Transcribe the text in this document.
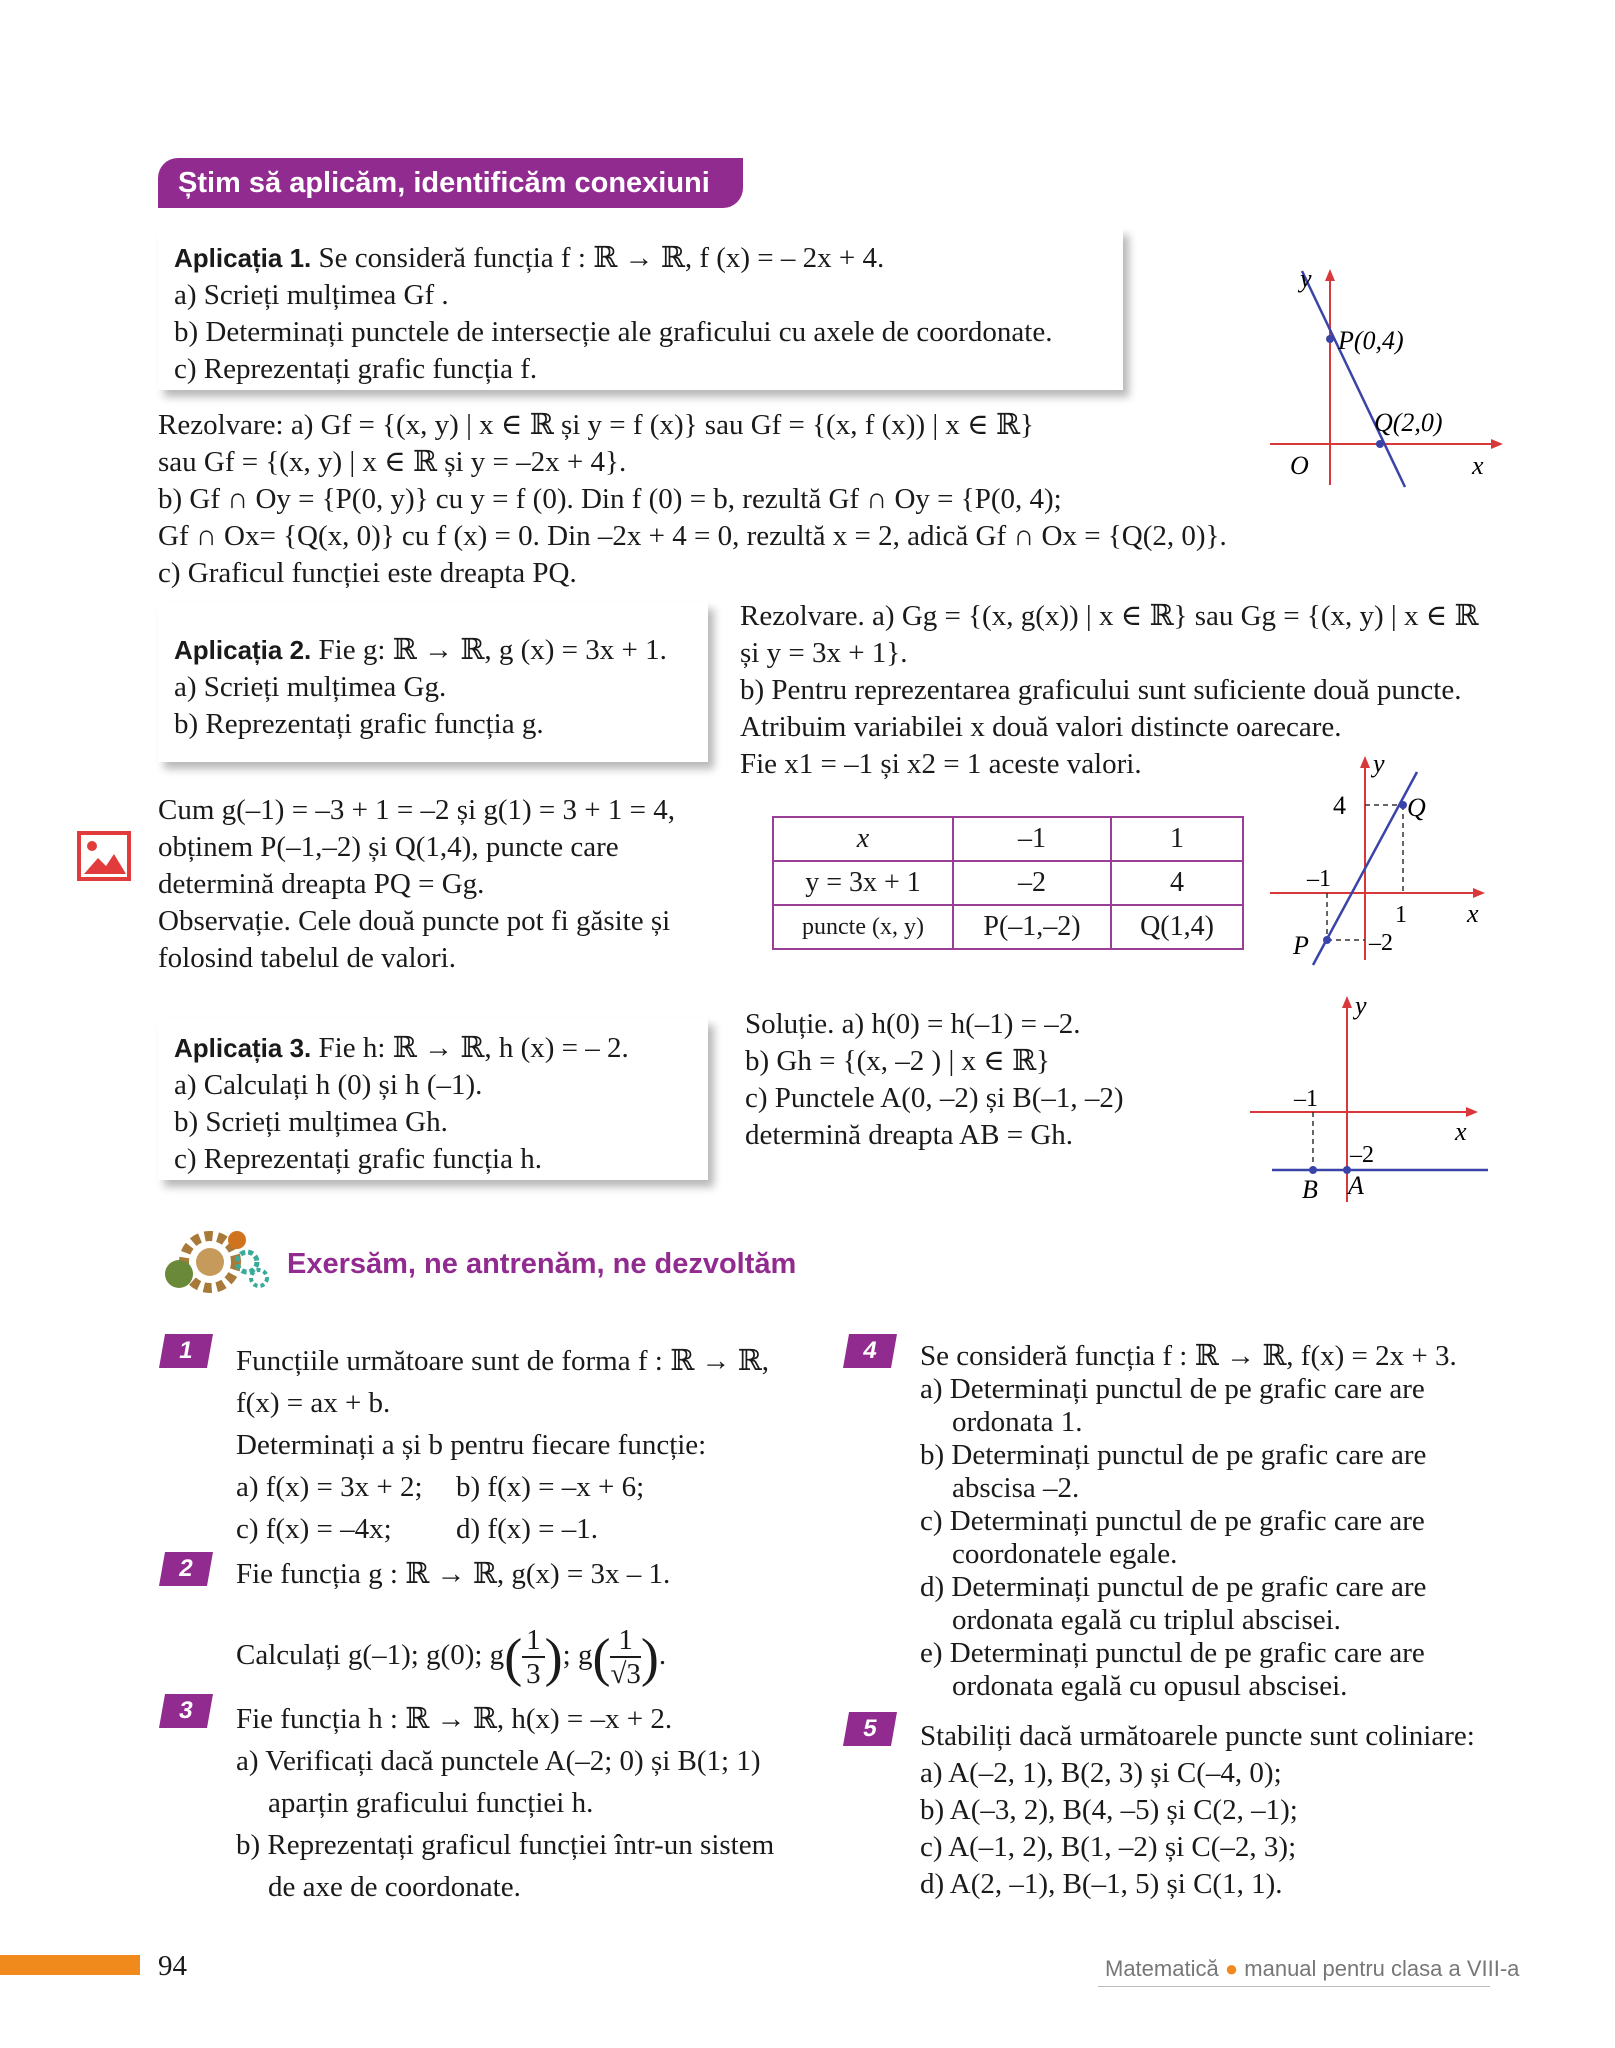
Știm să aplicăm, identificăm conexiuni
Aplicația 1. Se consideră funcția f : ℝ → ℝ, f (x) = – 2x + 4.
a) Scrieți mulțimea Gf .
b) Determinați punctele de intersecție ale graficului cu axele de coordonate.
c) Reprezentați grafic funcția f.
y
x
O
P(0,4)
Q(2,0)
Rezolvare: a) Gf = {(x, y) | x ∈ ℝ și y = f (x)} sau Gf = {(x, f (x)) | x ∈ ℝ}
sau Gf = {(x, y) | x ∈ ℝ și y = –2x + 4}.
b) Gf ∩ Oy = {P(0, y)} cu y = f (0). Din f (0) = b, rezultă Gf ∩ Oy = {P(0, 4);
Gf ∩ Ox= {Q(x, 0)} cu f (x) = 0. Din –2x + 4 = 0, rezultă x = 2, adică Gf ∩ Ox = {Q(2, 0)}.
c) Graficul funcției este dreapta PQ.
Aplicația 2. Fie g: ℝ → ℝ, g (x) = 3x + 1.
a) Scrieți mulțimea Gg.
b) Reprezentați grafic funcția g.
Rezolvare. a) Gg = {(x, g(x)) | x ∈ ℝ} sau Gg = {(x, y) | x ∈ ℝ
și y = 3x + 1}.
b) Pentru reprezentarea graficului sunt suficiente două puncte.
Atribuim variabilei x două valori distincte oarecare.
Fie x1 = –1 și x2 = 1 aceste valori.
Cum g(–1) = –3 + 1 = –2 și g(1) = 3 + 1 = 4,
obținem P(–1,–2) și Q(1,4), puncte care
determină dreapta PQ = Gg.
Observație. Cele două puncte pot fi găsite și
folosind tabelul de valori.
x	–1	1
y = 3x + 1	–2	4
puncte (x, y)	P(–1,–2)	Q(1,4)
y
x
4
–1
1
–2
P
Q
Aplicația 3. Fie h: ℝ → ℝ, h (x) = – 2.
a) Calculați h (0) și h (–1).
b) Scrieți mulțimea Gh.
c) Reprezentați grafic funcția h.
Soluție. a) h(0) = h(–1) = –2.
b) Gh = {(x, –2 ) | x ∈ ℝ}
c) Punctele A(0, –2) și B(–1, –2)
determină dreapta AB = Gh.
y
x
–1
–2
B A
Exersăm, ne antrenăm, ne dezvoltăm
1	Funcțiile următoare sunt de forma f : ℝ → ℝ,
f(x) = ax + b.
Determinați a și b pentru fiecare funcție:
a) f(x) = 3x + 2; b) f(x) = –x + 6;
c) f(x) = –4x; d) f(x) = –1.
2	Fie funcția g : ℝ → ℝ, g(x) = 3x – 1.
Calculați g(–1); g(0); $g( \frac{1}{3}$ ); $g( \frac{1}{√3}$ ).
3	Fie funcția h : ℝ → ℝ, h(x) = –x + 2.
a) Verificați dacă punctele A(–2; 0) și B(1; 1)
aparțin graficului funcției h.
b) Reprezentați graficul funcției într-un sistem
de axe de coordonate.
4	Se consideră funcția f : ℝ → ℝ, f(x) = 2x + 3.
a) Determinați punctul de pe grafic care are
ordonata 1.
b) Determinați punctul de pe grafic care are
abscisa –2.
c) Determinați punctul de pe grafic care are
coordonatele egale.
d) Determinați punctul de pe grafic care are
ordonata egală cu triplul abscisei.
e) Determinați punctul de pe grafic care are
ordonata egală cu opusul abscisei.
5	Stabiliți dacă următoarele puncte sunt coliniare:
a) A(–2, 1), B(2, 3) și C(–4, 0);
b) A(–3, 2), B(4, –5) și C(2, –1);
c) A(–1, 2), B(1, –2) și C(–2, 3);
d) A(2, –1), B(–1, 5) și C(1, 1).
94	Matematică ● manual pentru clasa a VIII-a
